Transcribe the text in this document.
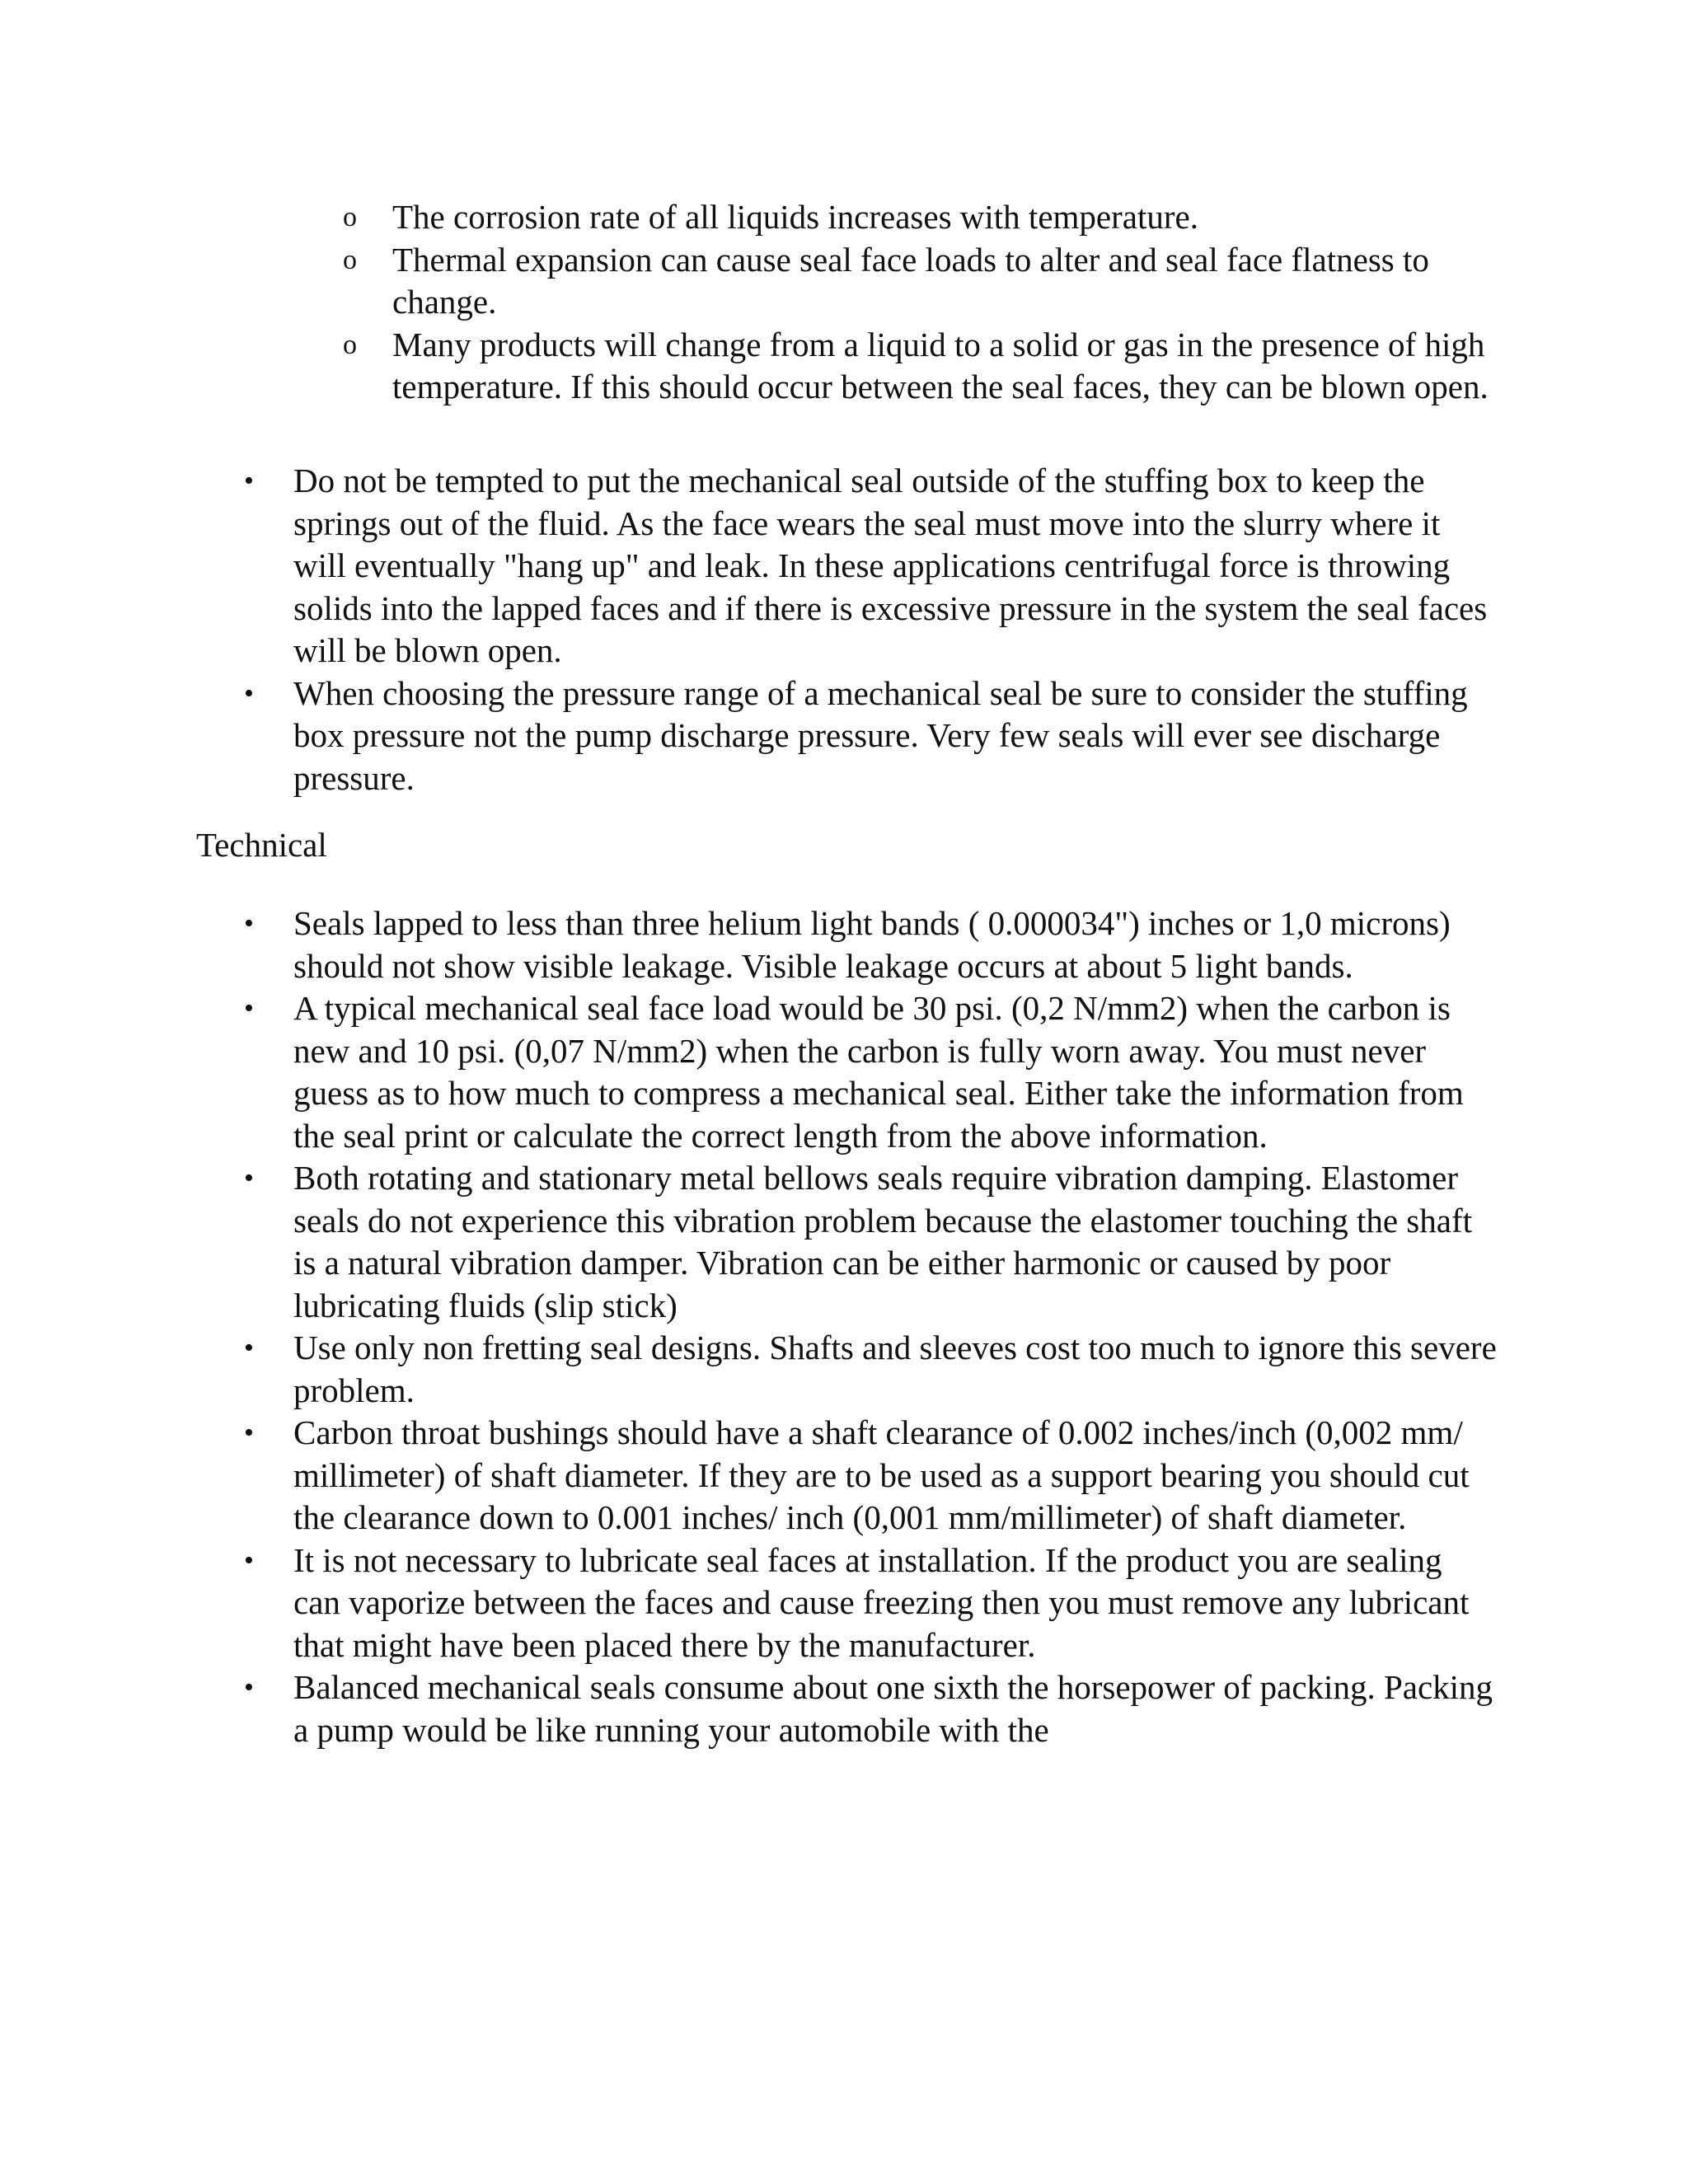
o The corrosion rate of all liquids increases with temperature.
o Thermal expansion can cause seal face loads to alter and seal face flatness to change.
o Many products will change from a liquid to a solid or gas in the presence of high temperature. If this should occur between the seal faces, they can be blown open.
• Do not be tempted to put the mechanical seal outside of the stuffing box to keep the springs out of the fluid. As the face wears the seal must move into the slurry where it will eventually "hang up" and leak. In these applications centrifugal force is throwing solids into the lapped faces and if there is excessive pressure in the system the seal faces will be blown open.
• When choosing the pressure range of a mechanical seal be sure to consider the stuffing box pressure not the pump discharge pressure. Very few seals will ever see discharge pressure.
Technical
• Seals lapped to less than three helium light bands ( 0.000034") inches or 1,0 microns) should not show visible leakage. Visible leakage occurs at about 5 light bands.
• A typical mechanical seal face load would be 30 psi. (0,2 N/mm2) when the carbon is new and 10 psi. (0,07 N/mm2) when the carbon is fully worn away. You must never guess as to how much to compress a mechanical seal. Either take the information from the seal print or calculate the correct length from the above information.
• Both rotating and stationary metal bellows seals require vibration damping. Elastomer seals do not experience this vibration problem because the elastomer touching the shaft is a natural vibration damper. Vibration can be either harmonic or caused by poor lubricating fluids (slip stick)
• Use only non fretting seal designs. Shafts and sleeves cost too much to ignore this severe problem.
• Carbon throat bushings should have a shaft clearance of 0.002 inches/inch (0,002 mm/ millimeter) of shaft diameter. If they are to be used as a support bearing you should cut the clearance down to 0.001 inches/ inch (0,001 mm/millimeter) of shaft diameter.
• It is not necessary to lubricate seal faces at installation. If the product you are sealing can vaporize between the faces and cause freezing then you must remove any lubricant that might have been placed there by the manufacturer.
• Balanced mechanical seals consume about one sixth the horsepower of packing. Packing a pump would be like running your automobile with the
